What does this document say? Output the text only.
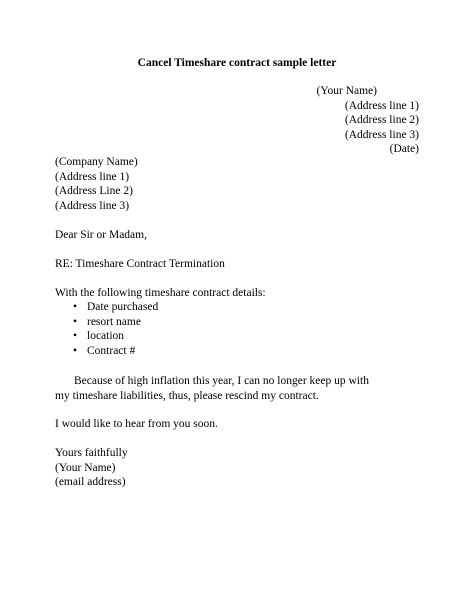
Cancel Timeshare contract sample letter
(Your Name)
(Address line 1)
(Address line 2)
(Address line 3)
(Date)
(Company Name)
(Address line 1)
(Address Line 2)
(Address line 3)
Dear Sir or Madam,
RE: Timeshare Contract Termination
With the following timeshare contract details:
• Date purchased
• resort name
• location
• Contract #
Because of high inflation this year, I can no longer keep up with my timeshare liabilities, thus, please rescind my contract.
I would like to hear from you soon.
Yours faithfully
(Your Name)
(email address)
